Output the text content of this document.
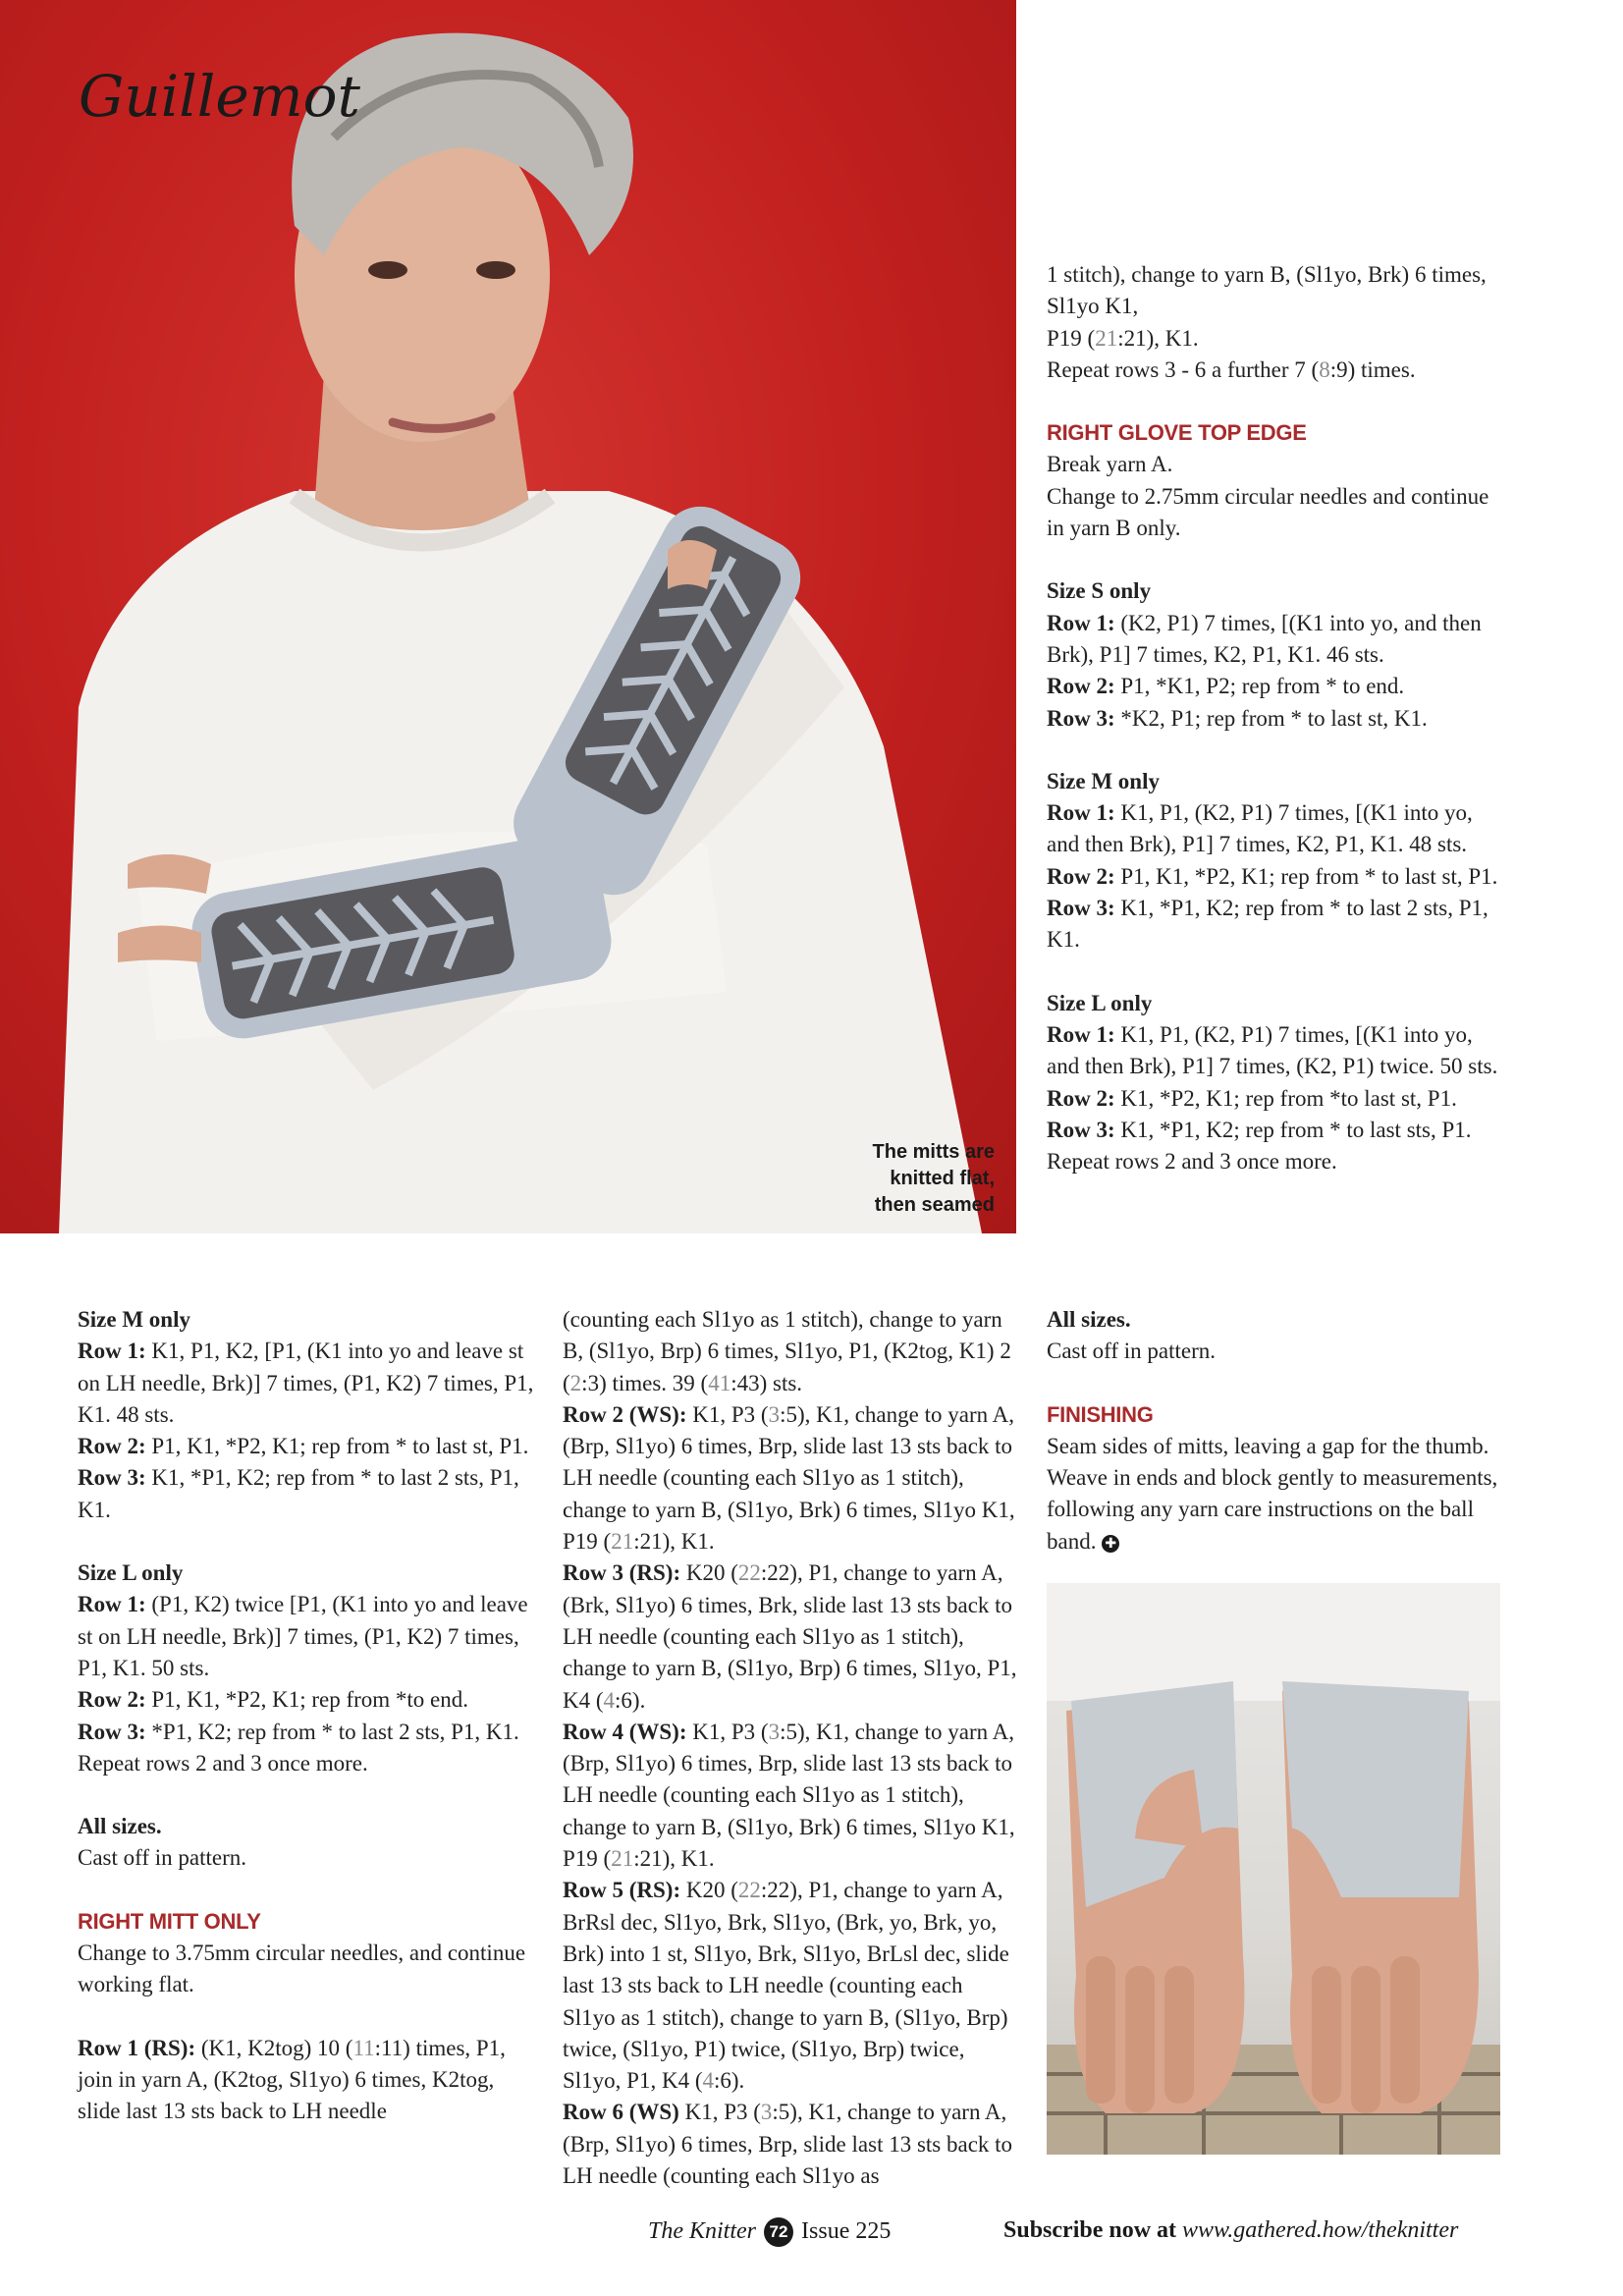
Guillemot
The mitts are
knitted flat,
then seamed

1 stitch), change to yarn B, (Sl1yo, Brk) 6 times, Sl1yo K1,

P19 (21:21), K1.

Repeat rows 3 - 6 a further 7 (8:9) times.

RIGHT GLOVE TOP EDGE

Break yarn A.

Change to 2.75mm circular needles and continue in yarn B only.

Size S only

Row 1: (K2, P1) 7 times, [(K1 into yo, and then Brk), P1] 7 times, K2, P1, K1. 46 sts.

Row 2: P1, *K1, P2; rep from * to end.

Row 3: *K2, P1; rep from * to last st, K1.

Size M only

Row 1: K1, P1, (K2, P1) 7 times, [(K1 into yo, and then Brk), P1] 7 times, K2, P1, K1. 48 sts.

Row 2: P1, K1, *P2, K1; rep from * to last st, P1.

Row 3: K1, *P1, K2; rep from * to last 2 sts, P1, K1.

Size L only

Row 1: K1, P1, (K2, P1) 7 times, [(K1 into yo, and then Brk), P1] 7 times, (K2, P1) twice. 50 sts.

Row 2: K1, *P2, K1; rep from *to last st, P1.

Row 3: K1, *P1, K2; rep from * to last sts, P1.

Repeat rows 2 and 3 once more.

Size M only

Row 1: K1, P1, K2, [P1, (K1 into yo and leave st on LH needle, Brk)] 7 times, (P1, K2) 7 times, P1, K1. 48 sts.

Row 2: P1, K1, *P2, K1; rep from * to last st, P1.

Row 3: K1, *P1, K2; rep from * to last 2 sts, P1, K1.

Size L only

Row 1: (P1, K2) twice [P1, (K1 into yo and leave st on LH needle, Brk)] 7 times, (P1, K2) 7 times, P1, K1. 50 sts.

Row 2: P1, K1, *P2, K1; rep from *to end.

Row 3: *P1, K2; rep from * to last 2 sts, P1, K1.

Repeat rows 2 and 3 once more.

All sizes.

Cast off in pattern.

RIGHT MITT ONLY

Change to 3.75mm circular needles, and continue working flat.

Row 1 (RS): (K1, K2tog) 10 (11:11) times, P1, join in yarn A, (K2tog, Sl1yo) 6 times, K2tog, slide last 13 sts back to LH needle

(counting each Sl1yo as 1 stitch), change to yarn B, (Sl1yo, Brp) 6 times, Sl1yo, P1, (K2tog, K1) 2 (2:3) times. 39 (41:43) sts.

Row 2 (WS): K1, P3 (3:5), K1, change to yarn A, (Brp, Sl1yo) 6 times, Brp, slide last 13 sts back to LH needle (counting each Sl1yo as 1 stitch), change to yarn B, (Sl1yo, Brk) 6 times, Sl1yo K1, P19 (21:21), K1.

Row 3 (RS): K20 (22:22), P1, change to yarn A, (Brk, Sl1yo) 6 times, Brk, slide last 13 sts back to LH needle (counting each Sl1yo as 1 stitch), change to yarn B, (Sl1yo, Brp) 6 times, Sl1yo, P1, K4 (4:6).

Row 4 (WS): K1, P3 (3:5), K1, change to yarn A, (Brp, Sl1yo) 6 times, Brp, slide last 13 sts back to LH needle (counting each Sl1yo as 1 stitch), change to yarn B, (Sl1yo, Brk) 6 times, Sl1yo K1, P19 (21:21), K1.

Row 5 (RS): K20 (22:22), P1, change to yarn A, BrRsl dec, Sl1yo, Brk, Sl1yo, (Brk, yo, Brk, yo, Brk) into 1 st, Sl1yo, Brk, Sl1yo, BrLsl dec, slide last 13 sts back to LH needle (counting each Sl1yo as 1 stitch), change to yarn B, (Sl1yo, Brp) twice, (Sl1yo, P1) twice, (Sl1yo, Brp) twice, Sl1yo, P1, K4 (4:6).

Row 6 (WS) K1, P3 (3:5), K1, change to yarn A, (Brp, Sl1yo) 6 times, Brp, slide last 13 sts back to LH needle (counting each Sl1yo as

All sizes.

Cast off in pattern.

FINISHING

Seam sides of mitts, leaving a gap for the thumb. Weave in ends and block gently to measurements, following any yarn care instructions on the ball band. ✚

The Knitter 72 Issue 225	Subscribe now at www.gathered.how/theknitter
